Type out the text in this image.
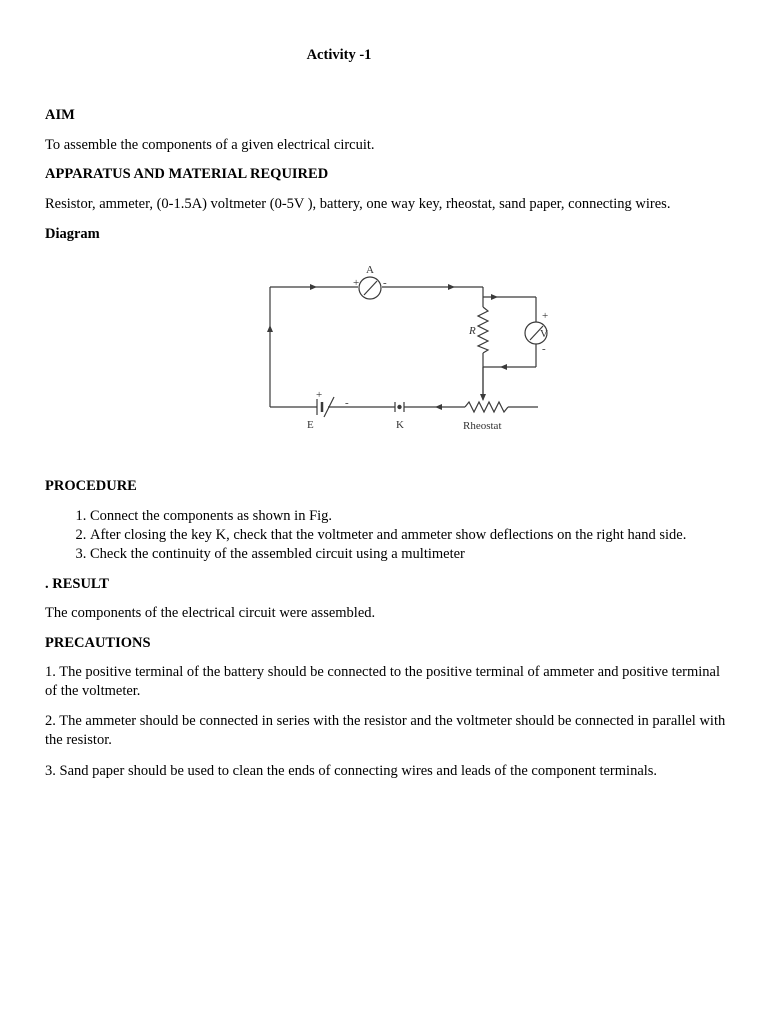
Activity -1
AIM
To assemble the components of a given electrical circuit.
APPARATUS AND MATERIAL REQUIRED
Resistor, ammeter, (0-1.5A) voltmeter (0-5V ), battery, one way key, rheostat, sand paper, connecting wires.
Diagram
A
+ -
V
+
-
R
+
-
E	K	Rheostat
PROCEDURE
1. Connect the components as shown in Fig.
2. After closing the key K, check that the voltmeter and ammeter show deflections on the right hand side.
3. Check the continuity of the assembled circuit using a multimeter
. RESULT
The components of the electrical circuit were assembled.
PRECAUTIONS
1. The positive terminal of the battery should be connected to the positive terminal of ammeter and positive terminal of the voltmeter.
2. The ammeter should be connected in series with the resistor and the voltmeter should be connected in parallel with the resistor.
3. Sand paper should be used to clean the ends of connecting wires and leads of the component terminals.
